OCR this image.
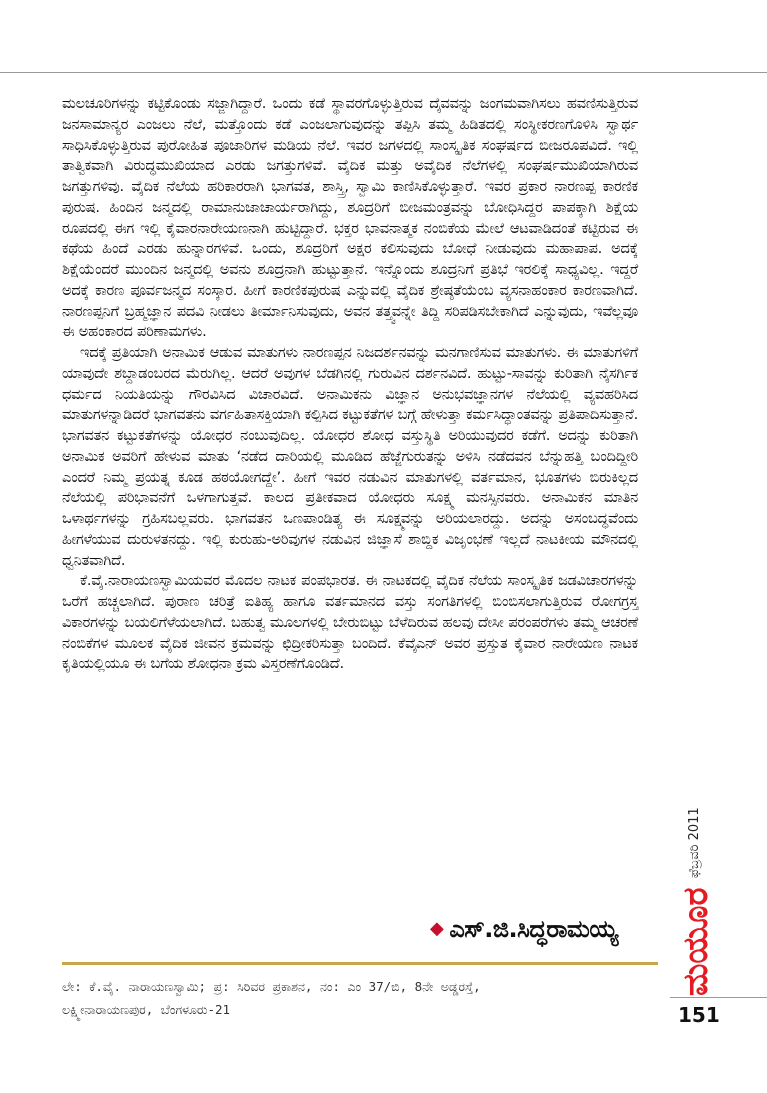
ಮಲಚೂರಿಗಳನ್ನು ಕಟ್ಟಿಕೊಂಡು ಸಜ್ಜಾಗಿದ್ದಾರೆ. ಒಂದು ಕಡೆ ಸ್ಥಾವರಗೊಳ್ಳುತ್ತಿರುವ ದೈವವನ್ನು ಜಂಗಮವಾಗಿಸಲು ಹವಣಿಸುತ್ತಿರುವ ಜನಸಾಮಾನ್ಯರ ಎಂಜಲು ನೆಲೆ, ಮತ್ತೊಂದು ಕಡೆ ಎಂಜಲಾಗುವುದನ್ನು ತಪ್ಪಿಸಿ ತಮ್ಮ ಹಿಡಿತದಲ್ಲಿ ಸಂಸ್ಥೀಕರಣಗೊಳಿಸಿ ಸ್ವಾರ್ಥ ಸಾಧಿಸಿಕೊಳ್ಳುತ್ತಿರುವ ಪುರೋಹಿತ ಪೂಜಾರಿಗಳ ಮಡಿಯ ನೆಲೆ. ಇವರ ಜಗಳದಲ್ಲಿ ಸಾಂಸ್ಕೃತಿಕ ಸಂಘರ್ಷದ ಬೀಜರೂಪವಿದೆ. ಇಲ್ಲಿ ತಾತ್ವಿಕವಾಗಿ ವಿರುದ್ಧಮುಖಿಯಾದ ಎರಡು ಜಗತ್ತುಗಳಿವೆ. ವೈದಿಕ ಮತ್ತು ಅವೈದಿಕ ನೆಲೆಗಳಲ್ಲಿ ಸಂಘರ್ಷಮುಖಿಯಾಗಿರುವ ಜಗತ್ತುಗಳಿವು. ವೈದಿಕ ನೆಲೆಯ ಹರಿಕಾರರಾಗಿ ಭಾಗವತ, ಶಾಸ್ತ್ರಿ, ಸ್ವಾಮಿ ಕಾಣಿಸಿಕೊಳ್ಳುತ್ತಾರೆ. ಇವರ ಪ್ರಕಾರ ನಾರಣಪ್ಪ ಕಾರಣಿಕ ಪುರುಷ. ಹಿಂದಿನ ಜನ್ಮದಲ್ಲಿ ರಾಮಾನುಜಾಚಾರ್ಯರಾಗಿದ್ದು, ಶೂದ್ರರಿಗೆ ಬೀಜಮಂತ್ರವನ್ನು ಬೋಧಿಸಿದ್ದರ ಪಾಪಕ್ಕಾಗಿ ಶಿಕ್ಷೆಯ ರೂಪದಲ್ಲಿ ಈಗ ಇಲ್ಲಿ ಕೈವಾರನಾರೇಯಣನಾಗಿ ಹುಟ್ಟಿದ್ದಾರೆ. ಭಕ್ತರ ಭಾವನಾತ್ಮಕ ನಂಬಿಕೆಯ ಮೇಲೆ ಆಟವಾಡಿದಂತೆ ಕಟ್ಟಿರುವ ಈ ಕಥೆಯ ಹಿಂದೆ ಎರಡು ಹುನ್ನಾರಗಳಿವೆ. ಒಂದು, ಶೂದ್ರರಿಗೆ ಅಕ್ಷರ ಕಲಿಸುವುದು ಬೋಧೆ ನೀಡುವುದು ಮಹಾಪಾಪ. ಅದಕ್ಕೆ ಶಿಕ್ಷೆಯೆಂದರೆ ಮುಂದಿನ ಜನ್ಮದಲ್ಲಿ ಅವನು ಶೂದ್ರನಾಗಿ ಹುಟ್ಟುತ್ತಾನೆ. ಇನ್ನೊಂದು ಶೂದ್ರನಿಗೆ ಪ್ರತಿಭೆ ಇರಲಿಕ್ಕೆ ಸಾಧ್ಯವಿಲ್ಲ. ಇದ್ದರೆ ಅದಕ್ಕೆ ಕಾರಣ ಪೂರ್ವಜನ್ಮದ ಸಂಸ್ಕಾರ. ಹೀಗೆ ಕಾರಣಿಕಪುರುಷ ಎನ್ನುವಲ್ಲಿ ವೈದಿಕ ಶ್ರೇಷ್ಠತೆಯೆಂಬ ವ್ಯಸನಾಹಂಕಾರ ಕಾರಣವಾಗಿದೆ. ನಾರಣಪ್ಪನಿಗೆ ಬ್ರಹ್ಮಜ್ಞಾನ ಪದವಿ ನೀಡಲು ತೀರ್ಮಾನಿಸುವುದು, ಅವನ ತತ್ತ್ವವನ್ನೇ ತಿದ್ದಿ ಸರಿಪಡಿಸಬೇಕಾಗಿದೆ ಎನ್ನುವುದು, ಇವೆಲ್ಲವೂ ಈ ಅಹಂಕಾರದ ಪರಿಣಾಮಗಳು.

ಇದಕ್ಕೆ ಪ್ರತಿಯಾಗಿ ಅನಾಮಿಕ ಆಡುವ ಮಾತುಗಳು ನಾರಣಪ್ಪನ ನಿಜದರ್ಶನವನ್ನು ಮನಗಾಣಿಸುವ ಮಾತುಗಳು. ಈ ಮಾತುಗಳಿಗೆ ಯಾವುದೇ ಶಬ್ದಾಡಂಬರದ ಮೆರುಗಿಲ್ಲ. ಆದರೆ ಅವುಗಳ ಬೆಡಗಿನಲ್ಲಿ ಗುರುವಿನ ದರ್ಶನವಿದೆ. ಹುಟ್ಟು-ಸಾವನ್ನು ಕುರಿತಾಗಿ ನೈಸರ್ಗಿಕ ಧರ್ಮದ ನಿಯತಿಯನ್ನು ಗೌರವಿಸಿದ ವಿಚಾರವಿದೆ. ಅನಾಮಿಕನು ವಿಜ್ಞಾನ ಅನುಭವಜ್ಞಾನಗಳ ನೆಲೆಯಲ್ಲಿ ವ್ಯವಹರಿಸಿದ ಮಾತುಗಳನ್ನಾಡಿದರೆ ಭಾಗವತನು ವರ್ಗಹಿತಾಸಕ್ತಿಯಾಗಿ ಕಲ್ಪಿಸಿದ ಕಟ್ಟುಕತೆಗಳ ಬಗ್ಗೆ ಹೇಳುತ್ತಾ ಕರ್ಮಸಿದ್ಧಾಂತವನ್ನು ಪ್ರತಿಪಾದಿಸುತ್ತಾನೆ. ಭಾಗವತನ ಕಟ್ಟುಕತೆಗಳನ್ನು ಯೋಧರ ನಂಬುವುದಿಲ್ಲ. ಯೋಧರ ಶೋಧ ವಸ್ತುಸ್ಥಿತಿ ಅರಿಯುವುದರ ಕಡೆಗೆ. ಅದನ್ನು ಕುರಿತಾಗಿ ಅನಾಮಿಕ ಅವರಿಗೆ ಹೇಳುವ ಮಾತು ‘ನಡೆದ ದಾರಿಯಲ್ಲಿ ಮೂಡಿದ ಹೆಜ್ಜೆಗುರುತನ್ನು ಅಳಿಸಿ ನಡೆದವನ ಬೆನ್ನುಹತ್ತಿ ಬಂದಿದ್ದೀರಿ ಎಂದರೆ ನಿಮ್ಮ ಪ್ರಯತ್ನ ಕೂಡ ಹಠಯೋಗದ್ದೇ’. ಹೀಗೆ ಇವರ ನಡುವಿನ ಮಾತುಗಳಲ್ಲಿ ವರ್ತಮಾನ, ಭೂತಗಳು ಬಿರುಕಿಲ್ಲದ ನೆಲೆಯಲ್ಲಿ ಪರಿಭಾವನೆಗೆ ಒಳಗಾಗುತ್ತವೆ. ಕಾಲದ ಪ್ರತೀಕವಾದ ಯೋಧರು ಸೂಕ್ಷ್ಮ ಮನಸ್ಸಿನವರು. ಅನಾಮಿಕನ ಮಾತಿನ ಒಳಾರ್ಥಗಳನ್ನು ಗ್ರಹಿಸಬಲ್ಲವರು. ಭಾಗವತನ ಒಣಪಾಂಡಿತ್ಯ ಈ ಸೂಕ್ಷ್ಮವನ್ನು ಅರಿಯಲಾರದ್ದು. ಅದನ್ನು ಅಸಂಬದ್ಧವೆಂದು ಹೀಗಳೆಯುವ ದುರುಳತನದ್ದು. ಇಲ್ಲಿ ಕುರುಹು-ಅರಿವುಗಳ ನಡುವಿನ ಜಿಜ್ಞಾಸೆ ಶಾಬ್ದಿಕ ವಿಜೃಂಭಣೆ ಇಲ್ಲದೆ ನಾಟಕೀಯ ಮೌನದಲ್ಲಿ ಧ್ವನಿತವಾಗಿದೆ.

ಕೆ.ವೈ.ನಾರಾಯಣಸ್ವಾಮಿಯವರ ಮೊದಲ ನಾಟಕ ಪಂಪಭಾರತ. ಈ ನಾಟಕದಲ್ಲಿ ವೈದಿಕ ನೆಲೆಯ ಸಾಂಸ್ಕೃತಿಕ ಜಡವಿಚಾರಗಳನ್ನು ಒರೆಗೆ ಹಚ್ಚಲಾಗಿದೆ. ಪುರಾಣ ಚರಿತ್ರೆ ಐತಿಹ್ಯ ಹಾಗೂ ವರ್ತಮಾನದ ವಸ್ತು ಸಂಗತಿಗಳಲ್ಲಿ ಬಿಂಬಿಸಲಾಗುತ್ತಿರುವ ರೋಗಗ್ರಸ್ತ ವಿಕಾರಗಳನ್ನು ಬಯಲಿಗೆಳೆಯಲಾಗಿದೆ. ಬಹುತ್ವ ಮೂಲಗಳಲ್ಲಿ ಬೇರುಬಿಟ್ಟು ಬೆಳೆದಿರುವ ಹಲವು ದೇಸೀ ಪರಂಪರೆಗಳು ತಮ್ಮ ಆಚರಣೆ ನಂಬಿಕೆಗಳ ಮೂಲಕ ವೈದಿಕ ಜೀವನ ಕ್ರಮವನ್ನು ಛಿದ್ರೀಕರಿಸುತ್ತಾ ಬಂದಿದೆ. ಕೆವೈಎನ್ ಅವರ ಪ್ರಸ್ತುತ ಕೈವಾರ ನಾರೇಯಣ ನಾಟಕ ಕೃತಿಯಲ್ಲಿಯೂ ಈ ಬಗೆಯ ಶೋಧನಾ ಕ್ರಮ ವಿಸ್ತರಣೆಗೊಂಡಿದೆ.

◆ ಎಸ್.ಜಿ.ಸಿದ್ಧರಾಮಯ್ಯ
ಲೇ: ಕೆ.ವೈ. ನಾರಾಯಣಸ್ವಾಮಿ; ಪ್ರ: ಸಿರಿವರ ಪ್ರಕಾಶನ, ನಂ: ಎಂ 37/ಬಿ, 8ನೇ ಅಡ್ಡರಸ್ತೆ,
ಲಕ್ಷ್ಮೀನಾರಾಯಣಪುರ, ಬೆಂಗಳೂರು-21
ಫೆಬ್ರವರಿ 2011
ಮಯೂರ
151
